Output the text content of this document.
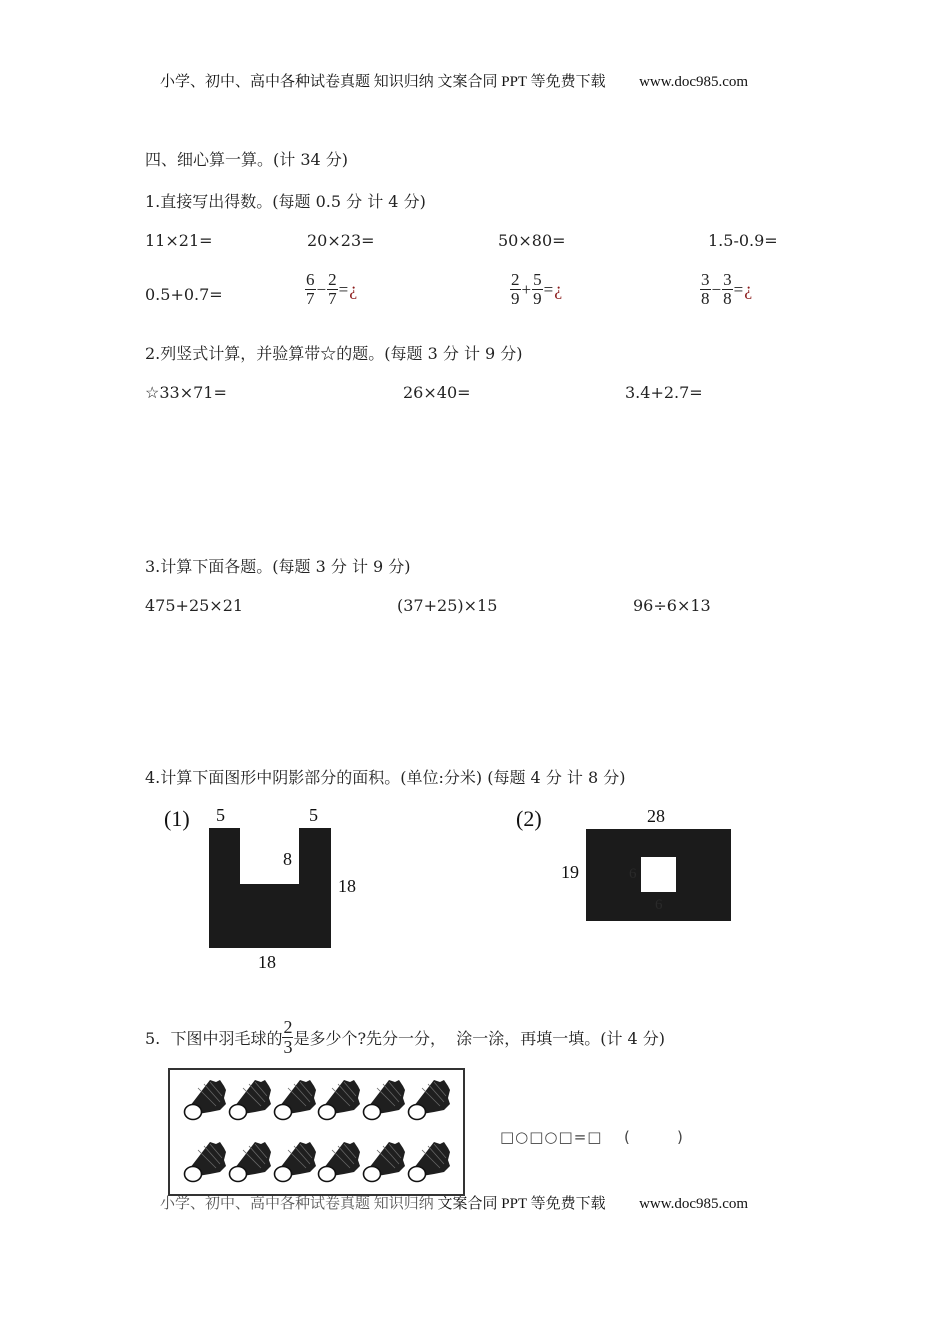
小学、初中、高中各种试卷真题 知识归纳 文案合同 PPT 等免费下载 www.doc985.com
四、细心算一算。(计 34 分)
1.直接写出得数。(每题 0.5 分 计 4 分)
11×21=	20×23=	50×80=	1.5-0.9=
0.5+0.7=	$\frac{6}{7} - \frac{2}{7}$ =¿	$\frac{2}{9} + \frac{5}{9}$ =¿	$\frac{3}{8} - \frac{3}{8}$ =¿
2.列竖式计算，并验算带☆的题。(每题 3 分 计 9 分)
☆33×71=	26×40=	3.4+2.7=
3.计算下面各题。(每题 3 分 计 9 分)
475+25×21	(37+25)×15	96÷6×13
4.计算下面图形中阴影部分的面积。(单位:分米) (每题 4 分 计 8 分)
(1) 5	5
8
18
18
(2)	28
19	6
6
5.  下图中羽毛球的 $\frac{2}{3}$ 是多少个?先分一分，  涂一涂，再填一填。(计 4 分)
小学、初中、高中各种试卷真题 知识归纳 文案合同 PPT 等免费下载 www.doc985.com
□○□○□=□ (        )
